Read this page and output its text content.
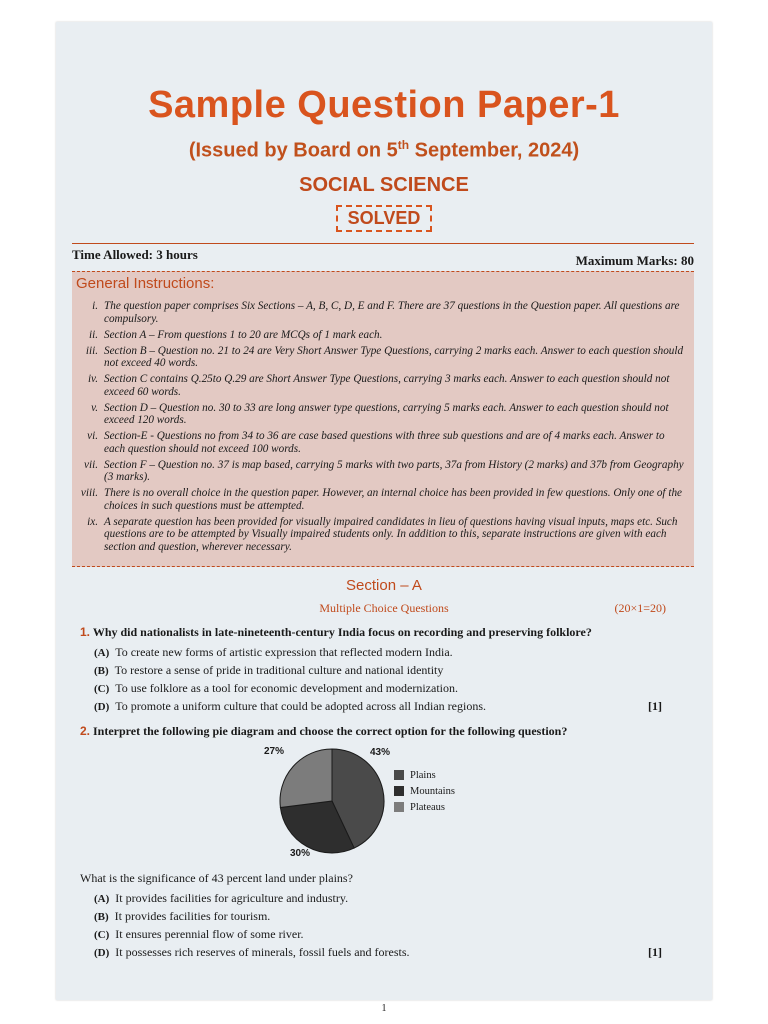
Sample Question Paper-1
(Issued by Board on 5th September, 2024)
SOCIAL SCIENCE
SOLVED
Time Allowed: 3 hours	Maximum Marks: 80
General Instructions:
i. The question paper comprises Six Sections – A, B, C, D, E and F. There are 37 questions in the Question paper. All questions are compulsory.
ii. Section A – From questions 1 to 20 are MCQs of 1 mark each.
iii. Section B – Question no. 21 to 24 are Very Short Answer Type Questions, carrying 2 marks each. Answer to each question should not exceed 40 words.
iv. Section C contains Q.25to Q.29 are Short Answer Type Questions, carrying 3 marks each. Answer to each question should not exceed 60 words.
v. Section D – Question no. 30 to 33 are long answer type questions, carrying 5 marks each. Answer to each question should not exceed 120 words.
vi. Section-E - Questions no from 34 to 36 are case based questions with three sub questions and are of 4 marks each. Answer to each question should not exceed 100 words.
vii. Section F – Question no. 37 is map based, carrying 5 marks with two parts, 37a from History (2 marks) and 37b from Geography (3 marks).
viii. There is no overall choice in the question paper. However, an internal choice has been provided in few questions. Only one of the choices in such questions must be attempted.
ix. A separate question has been provided for visually impaired candidates in lieu of questions having visual inputs, maps etc. Such questions are to be attempted by Visually impaired students only. In addition to this, separate instructions are given with each section and question, wherever necessary.
Section – A
Multiple Choice Questions	(20×1=20)
1. Why did nationalists in late-nineteenth-century India focus on recording and preserving folklore?
(A) To create new forms of artistic expression that reflected modern India.
(B) To restore a sense of pride in traditional culture and national identity
(C) To use folklore as a tool for economic development and modernization.
(D) To promote a uniform culture that could be adopted across all Indian regions.	[1]
2. Interpret the following pie diagram and choose the correct option for the following question?
43%
30%
27%
Plains
Mountains
Plateaus
What is the significance of 43 percent land under plains?
(A) It provides facilities for agriculture and industry.
(B) It provides facilities for tourism.
(C) It ensures perennial flow of some river.
(D) It possesses rich reserves of minerals, fossil fuels and forests.	[1]
1
